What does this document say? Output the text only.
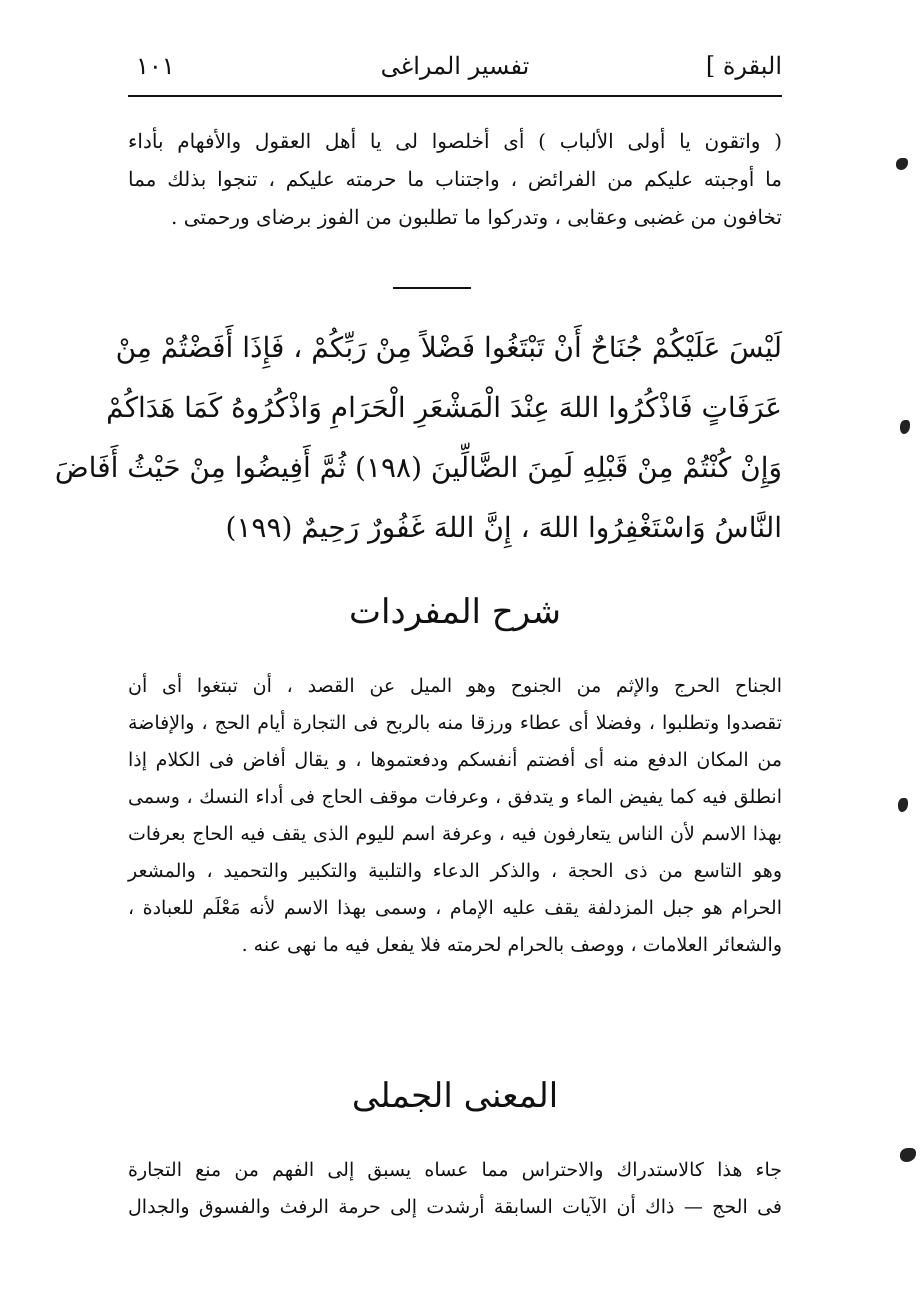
البقرة ]
تفسير المراغى
١٠١
( واتقون يا أولى الألباب ) أى أخلصوا لى يا أهل العقول والأفهام بأداء
ما أوجبته عليكم من الفرائض ، واجتناب ما حرمته عليكم ، تنجوا بذلك مما
تخافون من غضبى وعقابى ، وتدركوا ما تطلبون من الفوز برضاى ورحمتى .
لَيْسَ عَلَيْكُمْ جُنَاحٌ أَنْ تَبْتَغُوا فَضْلاً مِنْ رَبِّكُمْ ، فَإِذَا أَفَضْتُمْ مِنْ
عَرَفَاتٍ فَاذْكُرُوا اللهَ عِنْدَ الْمَشْعَرِ الْحَرَامِ وَاذْكُرُوهُ كَمَا هَدَاكُمْ
وَإِنْ كُنْتُمْ مِنْ قَبْلِهِ لَمِنَ الضَّالِّينَ (١٩٨) ثُمَّ أَفِيضُوا مِنْ حَيْثُ أَفَاضَ
النَّاسُ وَاسْتَغْفِرُوا اللهَ ، إِنَّ اللهَ غَفُورٌ رَحِيمٌ (١٩٩)
شرح المفردات
الجناح الحرج والإثم من الجنوح وهو الميل عن القصد ، أن تبتغوا أى أن
تقصدوا وتطلبوا ، وفضلا أى عطاء ورزقا منه بالربح فى التجارة أيام الحج ، والإفاضة
من المكان الدفع منه أى أفضتم أنفسكم ودفعتموها ، و يقال أفاض فى الكلام إذا
انطلق فيه كما يفيض الماء و يتدفق ، وعرفات موقف الحاج فى أداء النسك ، وسمى
بهذا الاسم لأن الناس يتعارفون فيه ، وعرفة اسم لليوم الذى يقف فيه الحاج بعرفات
وهو التاسع من ذى الحجة ، والذكر الدعاء والتلبية والتكبير والتحميد ، والمشعر
الحرام هو جبل المزدلفة يقف عليه الإمام ، وسمى بهذا الاسم لأنه مَعْلَم للعبادة ،
والشعائر العلامات ، ووصف بالحرام لحرمته فلا يفعل فيه ما نهى عنه .
المعنى الجملى
جاء هذا كالاستدراك والاحتراس مما عساه يسبق إلى الفهم من منع التجارة
فى الحج — ذاك أن الآيات السابقة أرشدت إلى حرمة الرفث والفسوق والجدال
